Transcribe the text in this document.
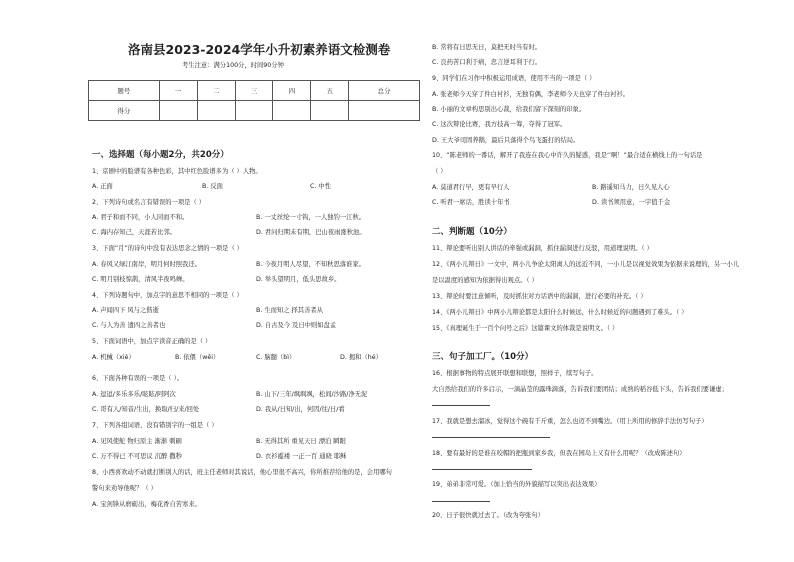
洛南县2023-2024学年小升初素养语文检测卷
考生注意：满分100分，时间90分钟
题号	一	二	三	四	五	总分
得分						
一、选择题（每小题2分，共20分）
1、京剧中的脸谱有各种色彩，其中红色脸谱多为（ ）人物。
A. 正面	B. 反面	C. 中性
2、下列诗句或名言有错误的一项是（ ）
A. 君子和而不同，小人同而不和。	B. 一丈丝纶一寸钩，一人独钓一江秋。
C. 海内存知己，天涯若比邻。	D. 君问归期未有期，巴山夜雨涨秋池。
3、下面“月”的诗句中没有表达思念之情的一项是（ ）
A. 春风又绿江南岸，明月何时照我还。	B. 今夜月明人尽望，不知秋思落谁家。
C. 明月别枝惊鹊，清风半夜鸣蝉。	D. 举头望明月，低头思故乡。
4、下列诗题句中，加点字的意思不相同的一项是（ ）
A. 声闻四下 风与之偕逝	B. 生而知之 择其善者从
C. 与人为善 遗四之善者也	D. 自古及今 及日中则如盘孟
5、下面词语中，加点字读音正确的是（ ）
A. 机械（xiè）	B. 依偎（wēi）	C. 脑髓（bì）	D. 揭和（hé）
6、下面各种有误的一项是（ ）。
A. 逗逗/多乐多乐/眩眩/阿阿次	B. 山下/三年/飒飒飒，松间/沙路/净无泥
C. 哥有人/知音/生出，换取/归/来/回处	D. 我从/日知/出，何因/往/日/看
7、下列各组词语，没有错别字的一组是（ ）
A. 见风使舵 物归原主 渐渐 刺刷	B. 无得其所 重见天日 漂泊 瞬眼
C. 万不得已 不可思议 沉醉 撒秒	D. 衣衫褴褛 一正一百 通晓 耶稣
8、小西喜欢动不动就打断别人的话，班主任老师对其说话，他心里很不高兴，你所推荐给他的是，会用哪句
警句来劝导他呢？（ ）
A. 宝剑锋从磨砺出，梅花香自苦寒来。
B. 常将有日思无日，莫把无时当有时。
C. 良药苦口利于病，忠言逆耳利于行。
9、同学们在习作中积极运用成语，使用不当的一项是（ ）
A. 张老师今天穿了件白衬衫，无独有偶，李老师今天也穿了件白衬衫。
B. 小丽的文章构思别出心裁，给我们留下深刻的印象。
C. 这次辩论比赛，我方技高一筹，夺得了冠军。
D. 王大爷司固养鹅，最后只落得个鸟飞蛋打的结局。
10、“陈老师的一番话，解开了我连在我心中许久的疑惑，我是‘’啊！”最合适在横线上的一句话是
（ ）
A. 莫道君行早，更有早行人	B. 路遥知马力，日久见人心
C. 听君一席话，胜读十年书	D. 读书须用意，一字值千金
二、判断题（10分）
11、辩论要听出别人讲话的牵强或漏洞，抓住漏洞进行反驳，用道理说明。（ ）
12、《两小儿辩日》一文中，两小儿争论太阳离人的远近不同，一小儿是以视觉效果为依据来说理的，另一小儿
是以温度的感知为依据得出观点。（ ）
13、辩论时要注意倾听，及时抓住对方话语中的漏洞，进行必要的补充。（ ）
14、《两小儿辩日》中两小儿辩论都是太阳什么时候远，什么时候近的问题遇到了难头。（ ）
15、《真理诞生于一百个问号之后》这篇课文的体裁是说明文。（ ）
三、句子加工厂。（10分）
16、根据事物的特点展开联想和联想，照样子，续写句子。
大自然给我们的许多启示，一滴晶莹的露珠滴落，告诉我们要团结；成熟的稻谷低下头，告诉我们要谦虚；
17、我就是想去溜冰，觉得这个碗有千斤重，怎么也迈不到嘴边。（用上所用的修辞手法仿写句子）
18、要有最好的是谁在咬帽的把瓶到家乡我，但我在园岛上又有什么用呢？（改成陈述句）
19、弟弟非常可爱。（加上恰当的外貌描写以突出表达效果）
20、日子很快就过去了。（改为夸张句）
